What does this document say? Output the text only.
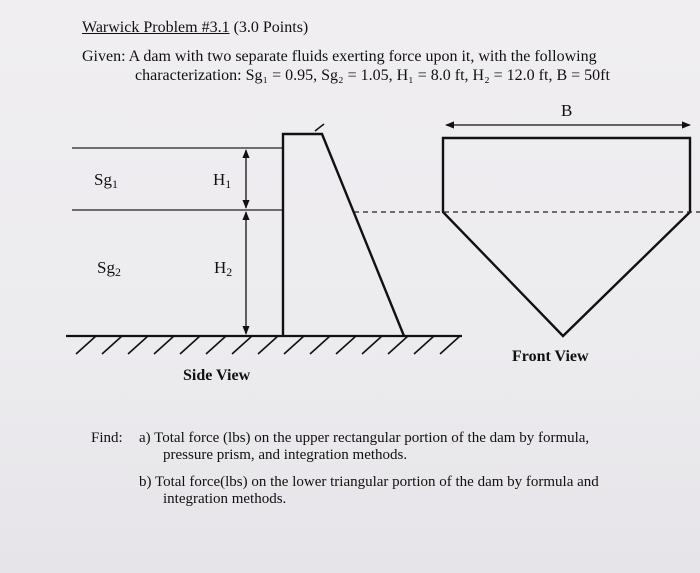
Warwick Problem #3.1 (3.0 Points)
Given: A dam with two separate fluids exerting force upon it, with the following
characterization: Sg₁ = 0.95, Sg₂ = 1.05, H₁ = 8.0 ft, H₂ = 12.0 ft, B = 50ft
$Sg_1$	$H_1$
$Sg_2$	$H_2$
B
Side View
Front View
Find: a) Total force (lbs) on the upper rectangular portion of the dam by formula,
pressure prism, and integration methods.
b) Total force(lbs) on the lower triangular portion of the dam by formula and
integration methods.
